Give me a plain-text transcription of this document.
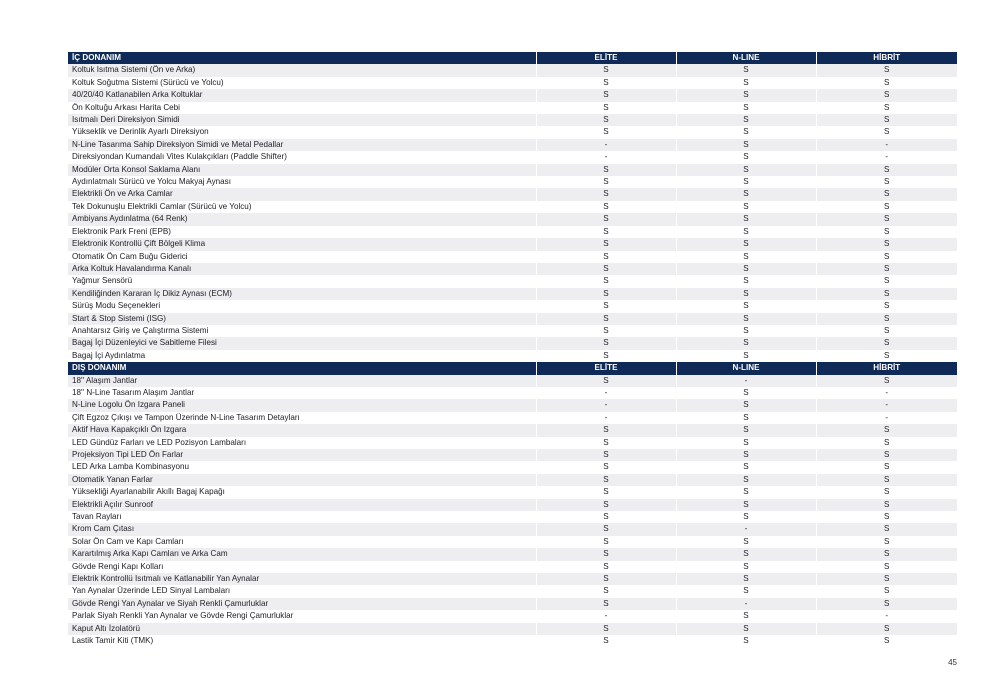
İÇ DONANIM	ELİTE	N-LINE	HİBRİT
Koltuk Isıtma Sistemi (Ön ve Arka)	S	S	S
Koltuk Soğutma Sistemi (Sürücü ve Yolcu)	S	S	S
40/20/40 Katlanabilen Arka Koltuklar	S	S	S
Ön Koltuğu Arkası Harita Cebi	S	S	S
Isıtmalı Deri Direksiyon Simidi	S	S	S
Yükseklik ve Derinlik Ayarlı Direksiyon	S	S	S
N-Line Tasarıma Sahip Direksiyon Simidi ve Metal Pedallar	-	S	-
Direksiyondan Kumandalı Vites Kulakçıkları (Paddle Shifter)	-	S	-
Modüler Orta Konsol Saklama Alanı	S	S	S
Aydınlatmalı Sürücü ve Yolcu Makyaj Aynası	S	S	S
Elektrikli Ön ve Arka Camlar	S	S	S
Tek Dokunuşlu Elektrikli Camlar (Sürücü ve Yolcu)	S	S	S
Ambiyans Aydınlatma (64 Renk)	S	S	S
Elektronik Park Freni (EPB)	S	S	S
Elektronik Kontrollü Çift Bölgeli Klima	S	S	S
Otomatik Ön Cam Buğu Giderici	S	S	S
Arka Koltuk Havalandırma Kanalı	S	S	S
Yağmur Sensörü	S	S	S
Kendiliğinden Kararan İç Dikiz Aynası (ECM)	S	S	S
Sürüş Modu Seçenekleri	S	S	S
Start & Stop Sistemi (ISG)	S	S	S
Anahtarsız Giriş ve Çalıştırma Sistemi	S	S	S
Bagaj İçi Düzenleyici ve Sabitleme Filesi	S	S	S
Bagaj İçi Aydınlatma	S	S	S
DIŞ DONANIM	ELİTE	N-LINE	HİBRİT
18'' Alaşım Jantlar	S	-	S
18'' N-Line Tasarım Alaşım Jantlar	-	S	-
N-Line Logolu Ön Izgara Paneli	-	S	-
Çift Egzoz Çıkışı ve Tampon Üzerinde N-Line Tasarım Detayları	-	S	-
Aktif Hava Kapakçıklı Ön Izgara	S	S	S
LED Gündüz Farları ve LED Pozisyon Lambaları	S	S	S
Projeksiyon Tipi LED Ön Farlar	S	S	S
LED Arka Lamba Kombinasyonu	S	S	S
Otomatik Yanan Farlar	S	S	S
Yüksekliği Ayarlanabilir Akıllı Bagaj Kapağı	S	S	S
Elektrikli Açılır Sunroof	S	S	S
Tavan Rayları	S	S	S
Krom Cam Çıtası	S	-	S
Solar Ön Cam ve Kapı Camları	S	S	S
Karartılmış Arka Kapı Camları ve Arka Cam	S	S	S
Gövde Rengi Kapı Kolları	S	S	S
Elektrik Kontrollü Isıtmalı ve Katlanabilir Yan Aynalar	S	S	S
Yan Aynalar Üzerinde LED Sinyal Lambaları	S	S	S
Gövde Rengi Yan Aynalar ve Siyah Renkli Çamurluklar	S	-	S
Parlak Siyah Renkli Yan Aynalar ve Gövde Rengi Çamurluklar	-	S	-
Kaput Altı İzolatörü	S	S	S
Lastik Tamir Kiti (TMK)	S	S	S
45
